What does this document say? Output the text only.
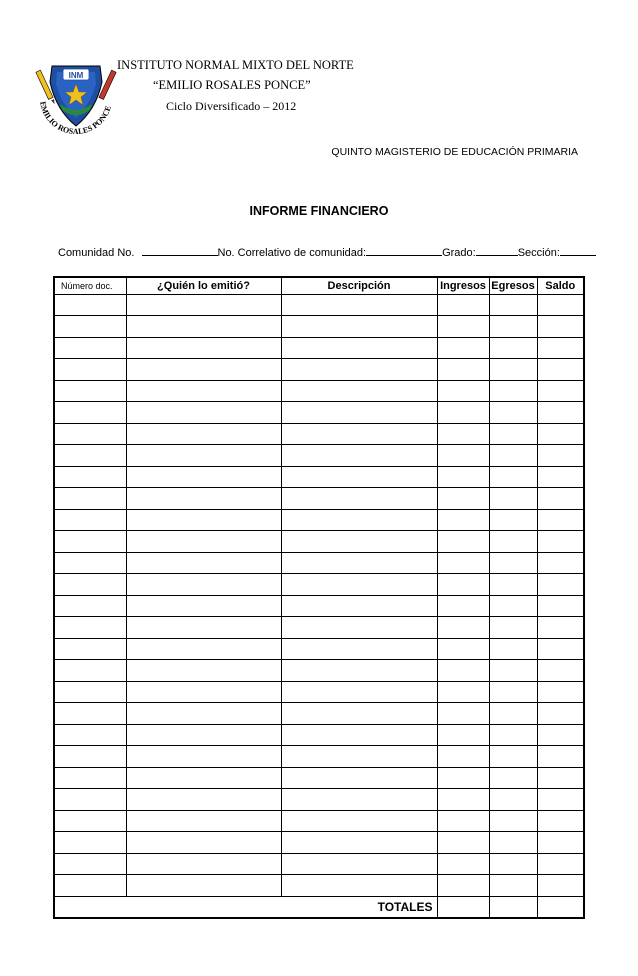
EMILIO ROSALES PONCE
INM
INSTITUTO NORMAL MIXTO DEL NORTE
“EMILIO ROSALES PONCE”
Ciclo Diversificado – 2012
QUINTO MAGISTERIO DE EDUCACIÓN PRIMARIA
INFORME FINANCIERO
Comunidad No.	No. Correlativo de comunidad:	Grado:	Sección:
Número doc.	¿Quién lo emitió?	Descripción	Ingresos	Egresos	Saldo

TOTALES					
